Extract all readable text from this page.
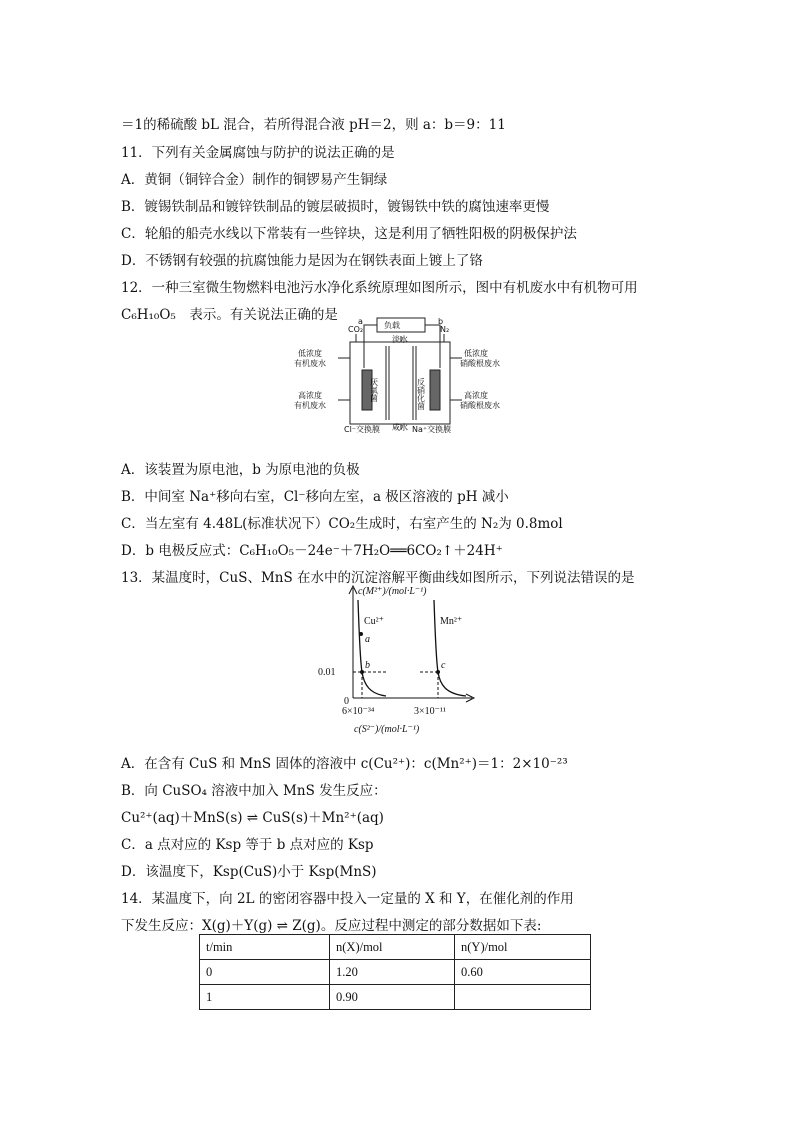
＝1的稀硫酸 bL 混合，若所得混合液 pH＝2，则 a：b＝9：11
11．下列有关金属腐蚀与防护的说法正确的是
A．黄铜（铜锌合金）制作的铜锣易产生铜绿
B．镀锡铁制品和镀锌铁制品的镀层破损时，镀锡铁中铁的腐蚀速率更慢
C．轮船的船壳水线以下常装有一些锌块，这是利用了牺牲阳极的阴极保护法
D．不锈钢有较强的抗腐蚀能力是因为在钢铁表面上镀上了铬
12．一种三室微生物燃料电池污水净化系统原理如图所示，图中有机废水中有机物可用
C₆H₁₀O₅　表示。有关说法正确的是
A．该装置为原电池，b 为原电池的负极
B．中间室 Na⁺移向右室，Cl⁻移向左室，a 极区溶液的 pH 减小
C．当左室有 4.48L(标准状况下）CO₂生成时，右室产生的 N₂为 0.8mol
D．b 电极反应式：C₆H₁₀O₅－24e⁻＋7H₂O══6CO₂↑＋24H⁺
13．某温度时，CuS、MnS 在水中的沉淀溶解平衡曲线如图所示，下列说法错误的是
A．在含有 CuS 和 MnS 固体的溶液中 c(Cu²⁺)：c(Mn²⁺)＝1：2×10⁻²³
B．向 CuSO₄ 溶液中加入 MnS 发生反应：
Cu²⁺(aq)＋MnS(s) ⇌ CuS(s)＋Mn²⁺(aq)
C．a 点对应的 Ksp 等于 b 点对应的 Ksp
D．该温度下，Ksp(CuS)小于 Ksp(MnS)
14．某温度下，向 2L 的密闭容器中投入一定量的 X 和 Y，在催化剂的作用
下发生反应：X(g)＋Y(g) ⇌ Z(g)。反应过程中测定的部分数据如下表:
负载
a	b
CO₂	N₂
淡水
咸水
低浓度
有机废水
高浓度
有机废水
低浓度
硝酸根废水
高浓度
硝酸根废水
Cl⁻交换膜	Na⁺交换膜
厌氧菌	反硝化菌
c(M²⁺)/(mol·L⁻¹)
Cu²⁺	Mn²⁺
a
b	c
0.01
0
6×10⁻³⁴	3×10⁻¹¹
c(S²⁻)/(mol·L⁻¹)
t/min	n(X)/mol	n(Y)/mol
0	1.20	0.60
1	0.90	
